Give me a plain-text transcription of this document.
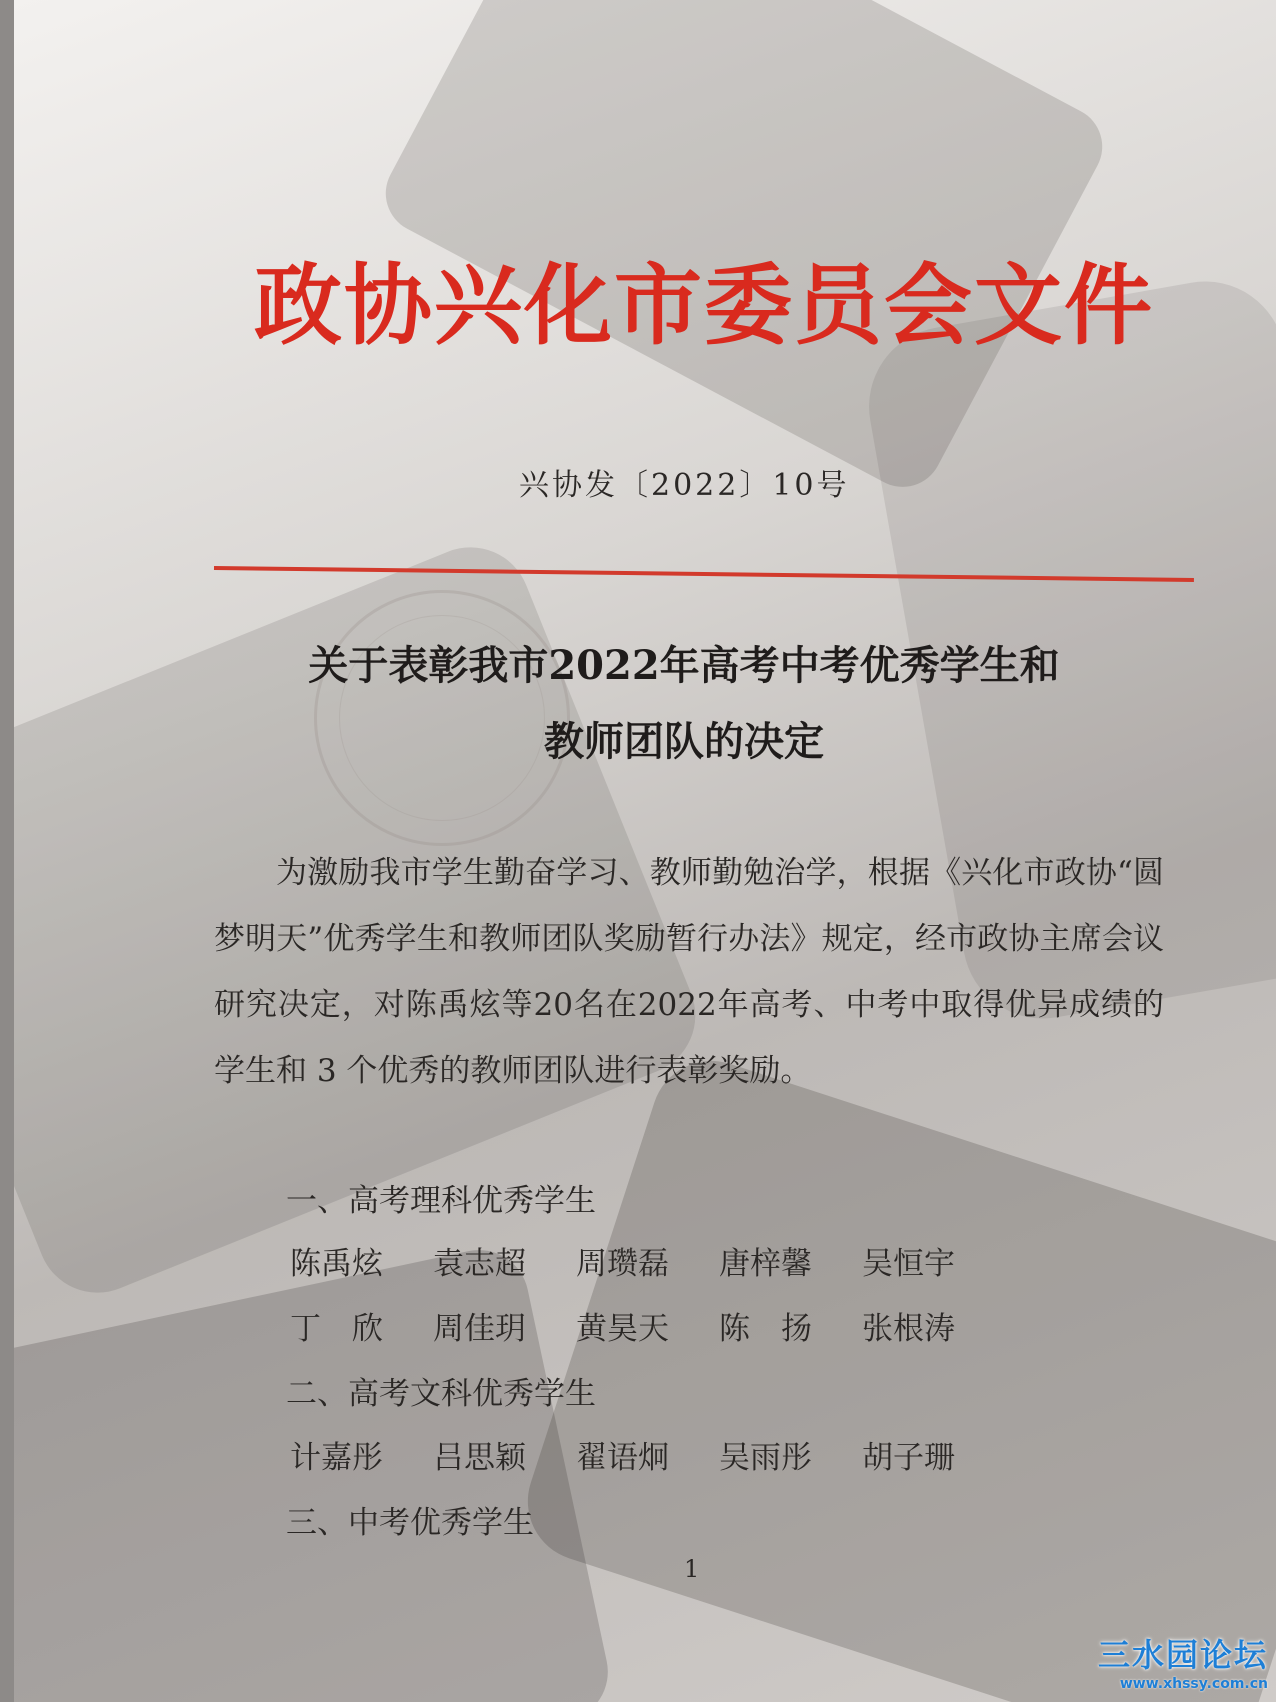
政协兴化市委员会文件
兴协发〔2022〕10号
关于表彰我市2022年高考中考优秀学生和
教师团队的决定

为激励我市学生勤奋学习、教师勤勉治学，根据《兴化市政协“圆梦明天”优秀学生和教师团队奖励暂行办法》规定，经市政协主席会议研究决定，对陈禹炫等20名在2022年高考、中考中取得优异成绩的学生和 3 个优秀的教师团队进行表彰奖励。

一、高考理科优秀学生
陈禹炫	袁志超	周瓒磊	唐梓馨	吴恒宇
丁　欣	周佳玥	黄昊天	陈　扬	张根涛
二、高考文科优秀学生
计嘉彤	吕思颖	翟语炯	吴雨彤	胡子珊
三、中考优秀学生
1
三水园论坛
www.xhssy.com.cn
